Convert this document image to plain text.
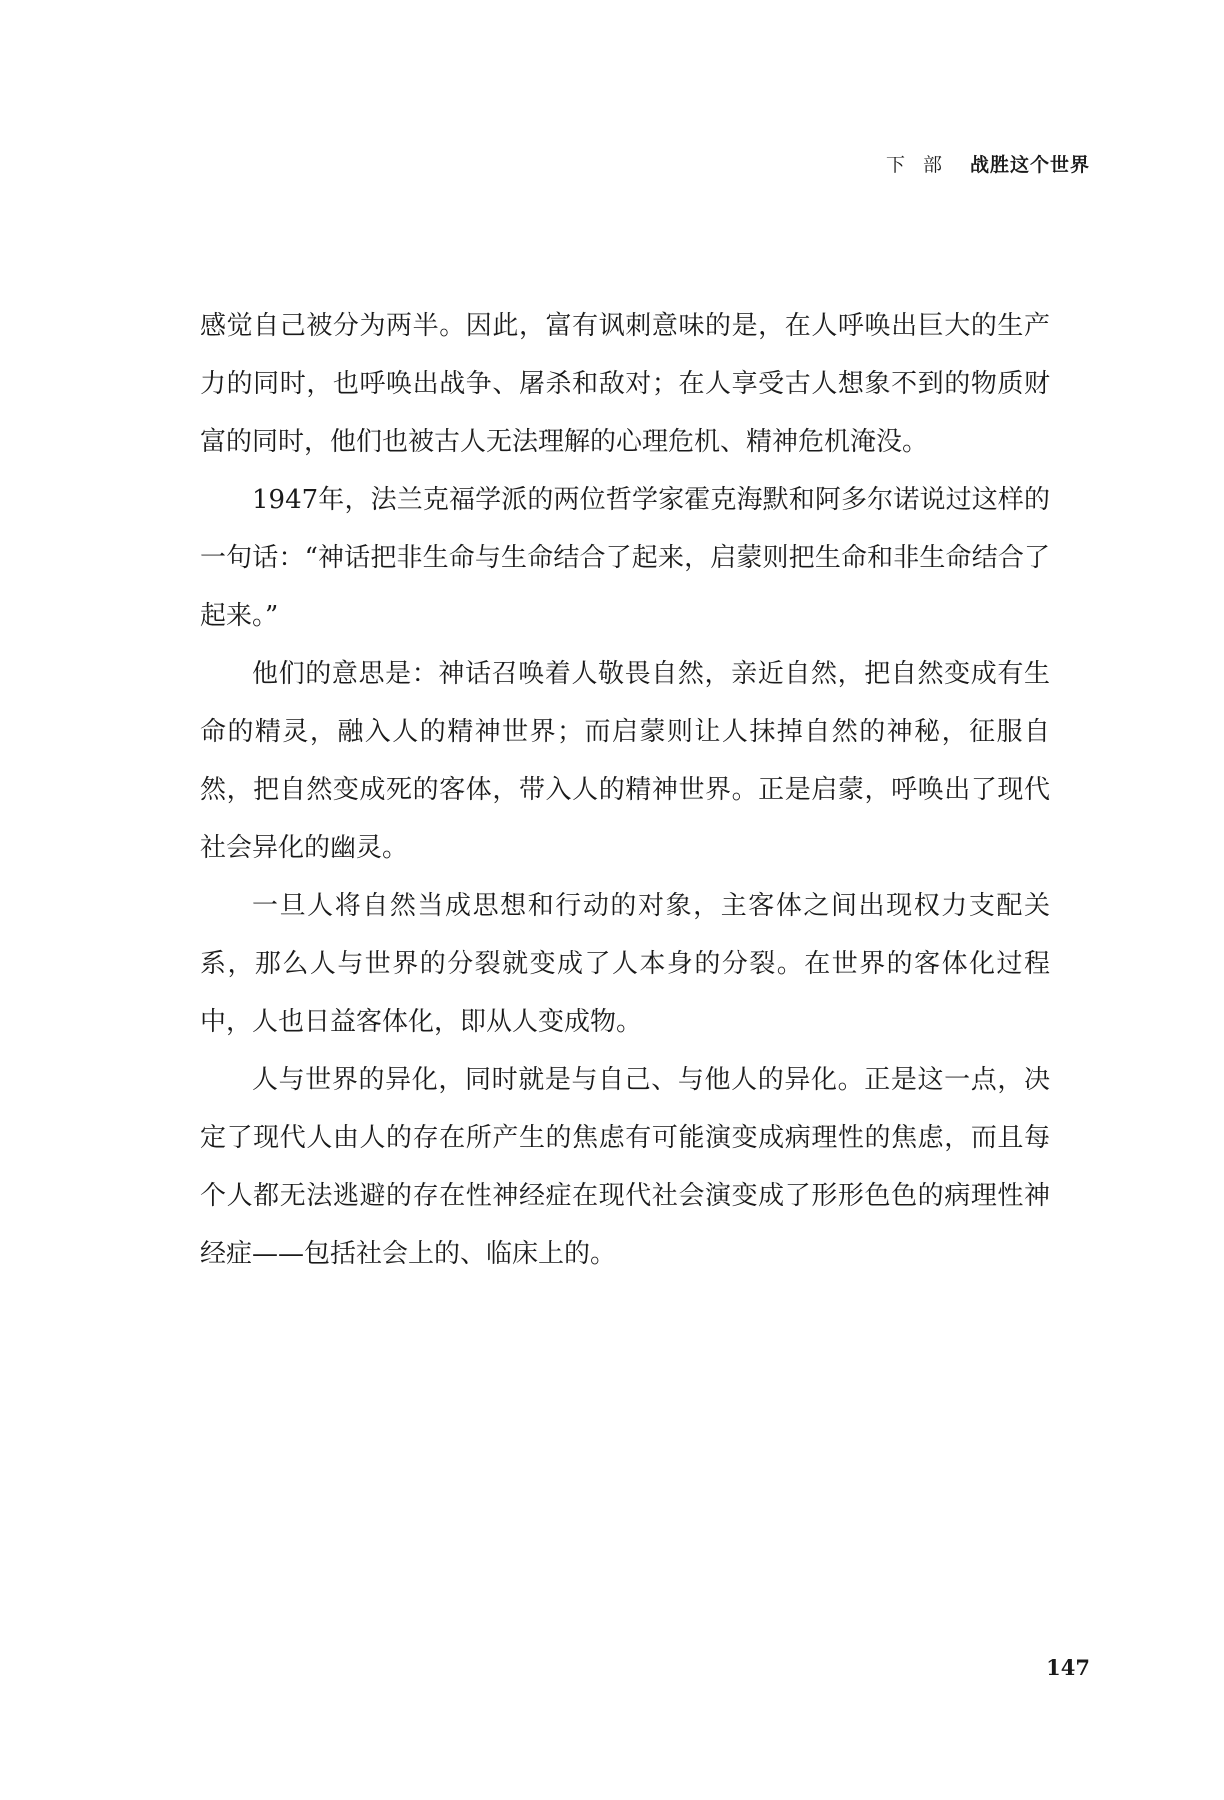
下 部 战胜这个世界

感觉自己被分为两半。因此，富有讽刺意味的是，在人呼唤出巨大的生产力的同时，也呼唤出战争、屠杀和敌对；在人享受古人想象不到的物质财富的同时，他们也被古人无法理解的心理危机、精神危机淹没。

1947年，法兰克福学派的两位哲学家霍克海默和阿多尔诺说过这样的一句话：“神话把非生命与生命结合了起来，启蒙则把生命和非生命结合了起来。”

他们的意思是：神话召唤着人敬畏自然，亲近自然，把自然变成有生命的精灵，融入人的精神世界；而启蒙则让人抹掉自然的神秘，征服自然，把自然变成死的客体，带入人的精神世界。正是启蒙，呼唤出了现代社会异化的幽灵。

一旦人将自然当成思想和行动的对象，主客体之间出现权力支配关系，那么人与世界的分裂就变成了人本身的分裂。在世界的客体化过程中，人也日益客体化，即从人变成物。

人与世界的异化，同时就是与自己、与他人的异化。正是这一点，决定了现代人由人的存在所产生的焦虑有可能演变成病理性的焦虑，而且每个人都无法逃避的存在性神经症在现代社会演变成了形形色色的病理性神经症——包括社会上的、临床上的。

147
